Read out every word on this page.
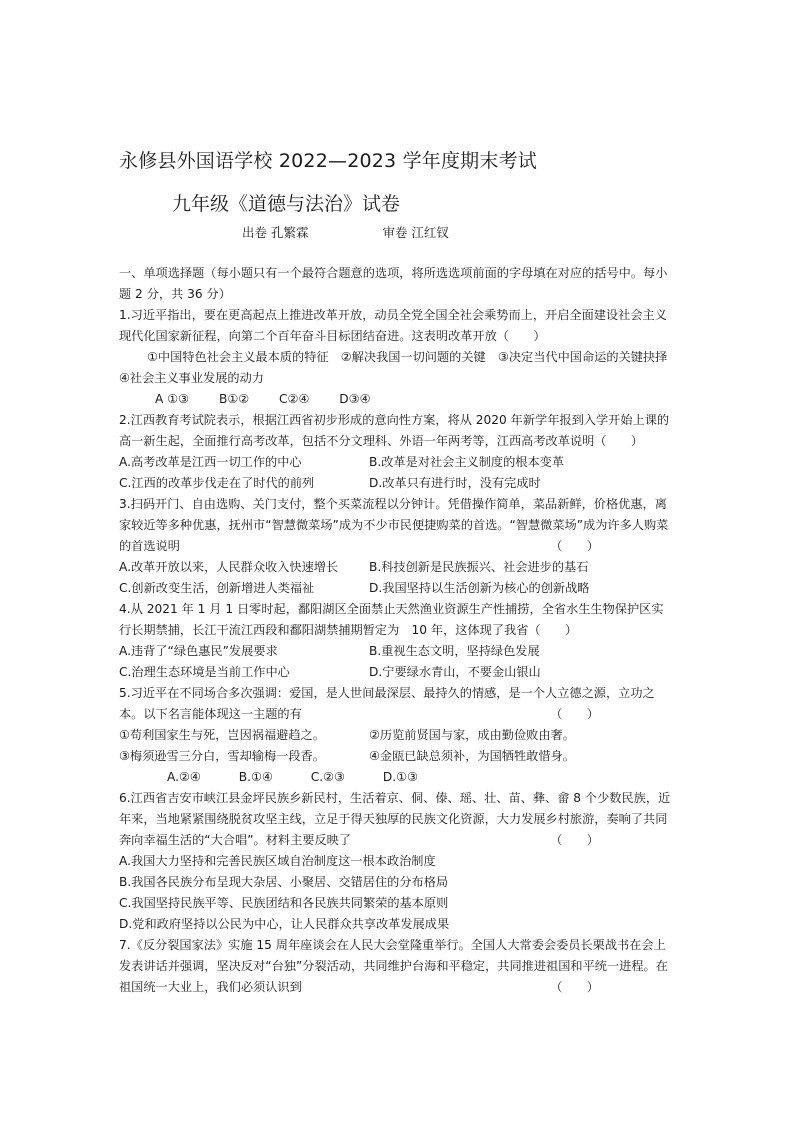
永修县外国语学校 2022—2023 学年度期末考试
九年级《道德与法治》试卷
出卷 孔繁霖	审卷 江红钗

一、单项选择题（每小题只有一个最符合题意的选项，将所选选项前面的字母填在对应的括号中。每小题 2 分，共 36 分）

1.习近平指出，要在更高起点上推进改革开放，动员全党全国全社会乘势而上，开启全面建设社会主义现代化国家新征程，向第二个百年奋斗目标团结奋进。这表明改革开放（　　）

①中国特色社会主义最本质的特征　②解决我国一切问题的关键　③决定当代中国命运的关键抉择　④社会主义事业发展的动力

A ①③ B①② C②④ D③④

2.江西教育考试院表示，根据江西省初步形成的意向性方案，将从 2020 年新学年报到入学开始上课的高一新生起，全面推行高考改革，包括不分文理科、外语一年两考等，江西高考改革说明（　　）

A.高考改革是江西一切工作的中心	B.改革是对社会主义制度的根本变革
C.江西的改革步伐走在了时代的前列	D.改革只有进行时，没有完成时

3.扫码开门、自由选购、关门支付，整个买菜流程以分钟计。凭借操作简单，菜品新鲜，价格优惠，离家较近等多种优惠，抚州市“智慧微菜场”成为不少市民便捷购菜的首选。“智慧微菜场”成为许多人购菜的首选说明	（　　）

A.改革开放以来，人民群众收入快速增长	B.科技创新是民族振兴、社会进步的基石
C.创新改变生活，创新增进人类福祉	D.我国坚持以生活创新为核心的创新战略

4.从 2021 年 1 月 1 日零时起，鄱阳湖区全面禁止天然渔业资源生产性捕捞，全省水生生物保护区实行长期禁捕，长江干流江西段和鄱阳湖禁捕期暂定为　10 年，这体现了我省（　　）

A.违背了“绿色惠民”发展要求	B.重视生态文明，坚持绿色发展
C.治理生态环境是当前工作中心	D.宁要绿水青山，不要金山银山

5.习近平在不同场合多次强调：爱国，是人世间最深层、最持久的情感，是一个人立德之源，立功之本。以下名言能体现这一主题的有	（　　）

①苟利国家生与死，岂因祸福避趋之。	②历览前贤国与家，成由勤俭败由奢。
③梅须逊雪三分白，雪却输梅一段香。	④金瓯已缺总须补，为国牺牲敢惜身。

A.②④	B.①④	C.②③	D.①③

6.江西省吉安市峡江县金坪民族乡新民村，生活着京、侗、傣、瑶、壮、苗、彝、畲 8 个少数民族，近年来，当地紧紧围绕脱贫攻坚主线，立足于得天独厚的民族文化资源，大力发展乡村旅游，奏响了共同奔向幸福生活的“大合唱”。材料主要反映了	（　　）

A.我国大力坚持和完善民族区域自治制度这一根本政治制度

B.我国各民族分布呈现大杂居、小聚居、交错居住的分布格局

C.我国坚持民族平等、民族团结和各民族共同繁荣的基本原则

D.党和政府坚持以公民为中心，让人民群众共享改革发展成果

7.《反分裂国家法》实施 15 周年座谈会在人民大会堂隆重举行。全国人大常委会委员长栗战书在会上发表讲话并强调，坚决反对“台独”分裂活动，共同维护台海和平稳定，共同推进祖国和平统一进程。在祖国统一大业上，我们必须认识到	（　　）
